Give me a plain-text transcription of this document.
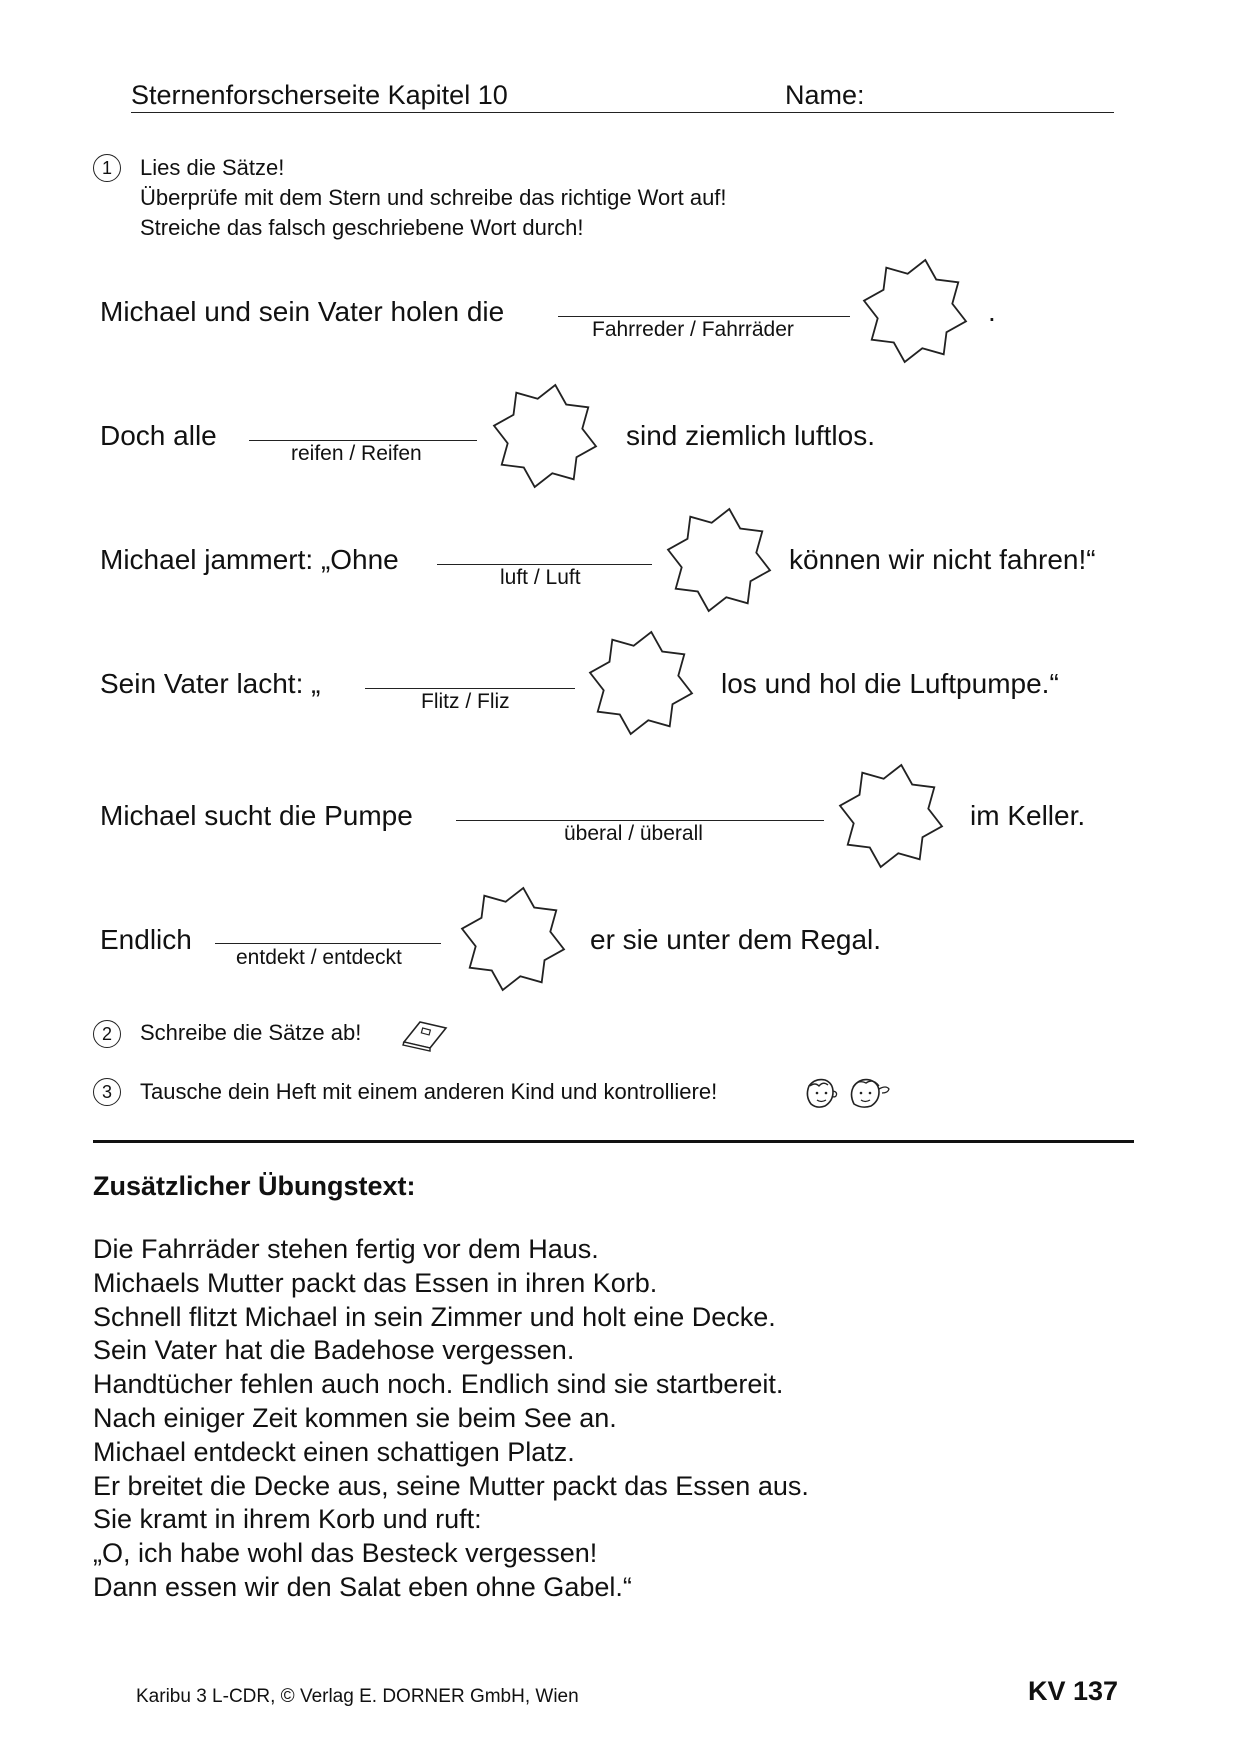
Sternenforscherseite Kapitel 10	Name:
1	Lies die Sätze!
Überprüfe mit dem Stern und schreibe das richtige Wort auf!
Streiche das falsch geschriebene Wort durch!
Michael und sein Vater holen die
Fahrreder / Fahrräder
.
Doch alle
reifen / Reifen
sind ziemlich luftlos.
Michael jammert: „Ohne
luft / Luft
können wir nicht fahren!“
Sein Vater lacht: „
Flitz / Fliz
los und hol die Luftpumpe.“
Michael sucht die Pumpe
überal / überall
im Keller.
Endlich
entdekt / entdeckt
er sie unter dem Regal.
2	Schreibe die Sätze ab!
3	Tausche dein Heft mit einem anderen Kind und kontrolliere!
Zusätzlicher Übungstext:
Die Fahrräder stehen fertig vor dem Haus.
Michaels Mutter packt das Essen in ihren Korb.
Schnell flitzt Michael in sein Zimmer und holt eine Decke.
Sein Vater hat die Badehose vergessen.
Handtücher fehlen auch noch. Endlich sind sie startbereit.
Nach einiger Zeit kommen sie beim See an.
Michael entdeckt einen schattigen Platz.
Er breitet die Decke aus, seine Mutter packt das Essen aus.
Sie kramt in ihrem Korb und ruft:
„O, ich habe wohl das Besteck vergessen!
Dann essen wir den Salat eben ohne Gabel.“
Karibu 3 L-CDR, © Verlag E. DORNER GmbH, Wien	KV 137
